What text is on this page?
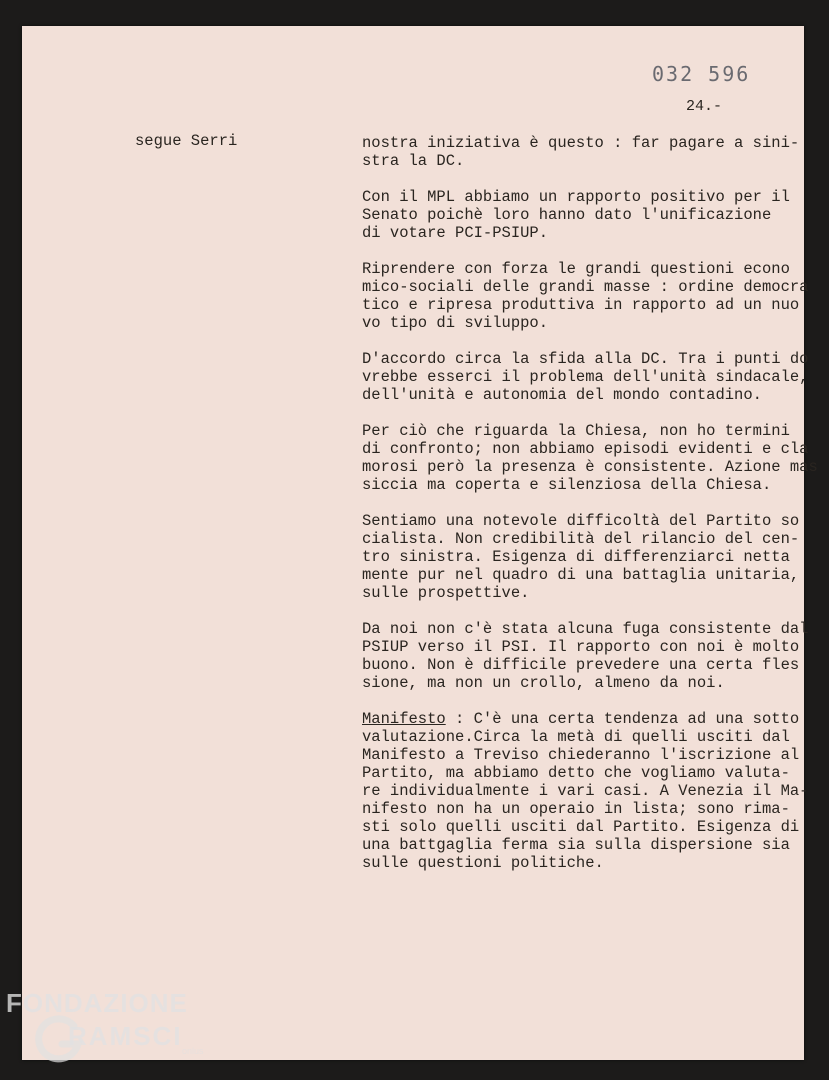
032 596
24.-
segue Serri	nostra iniziativa è questo : far pagare a sini-
stra la DC.
Con il MPL abbiamo un rapporto positivo per il
Senato poichè loro hanno dato l'unificazione
di votare PCI-PSIUP.
Riprendere con forza le grandi questioni econo
mico-sociali delle grandi masse : ordine democra
tico e ripresa produttiva in rapporto ad un nuo
vo tipo di sviluppo.
D'accordo circa la sfida alla DC. Tra i punti do
vrebbe esserci il problema dell'unità sindacale,
dell'unità e autonomia del mondo contadino.
Per ciò che riguarda la Chiesa, non ho termini
di confronto; non abbiamo episodi evidenti e cla
morosi però la presenza è consistente. Azione mas
siccia ma coperta e silenziosa della Chiesa.
Sentiamo una notevole difficoltà del Partito so
cialista. Non credibilità del rilancio del cen-
tro sinistra. Esigenza di differenziarci netta
mente pur nel quadro di una battaglia unitaria,
sulle prospettive.
Da noi non c'è stata alcuna fuga consistente dal
PSIUP verso il PSI. Il rapporto con noi è molto
buono. Non è difficile prevedere una certa fles
sione, ma non un crollo, almeno da noi.
Manifesto : C'è una certa tendenza ad una sotto
valutazione.Circa la metà di quelli usciti dal
Manifesto a Treviso chiederanno l'iscrizione al
Partito, ma abbiamo detto che vogliamo valuta-
re individualmente i vari casi. A Venezia il Ma-
nifesto non ha un operaio in lista; sono rima-
sti solo quelli usciti dal Partito. Esigenza di
una battgaglia ferma sia sulla dispersione sia
sulle questioni politiche.
FONDAZIONE
RAMSCI onlus
